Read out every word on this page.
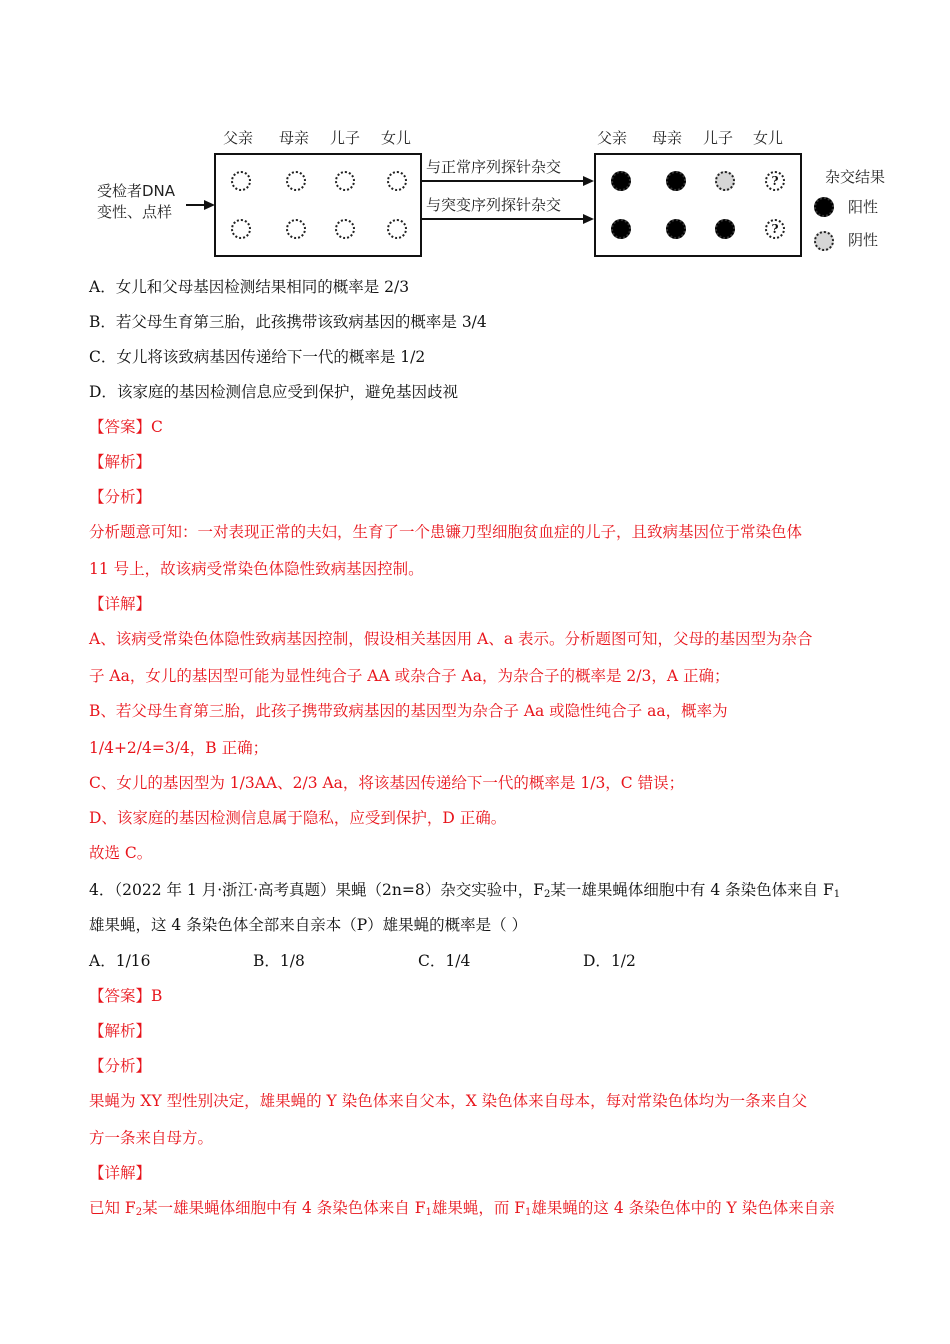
受检者DNA
变性、点样
父亲 母亲 儿子 女儿
与正常序列探针杂交
与突变序列探针杂交
父亲 母亲 儿子 女儿
?
?
杂交结果
阳性
阴性
A．女儿和父母基因检测结果相同的概率是 2/3
B．若父母生育第三胎，此孩携带该致病基因的概率是 3/4
C．女儿将该致病基因传递给下一代的概率是 1/2
D．该家庭的基因检测信息应受到保护，避免基因歧视
【答案】C
【解析】
【分析】
分析题意可知：一对表现正常的夫妇，生育了一个患镰刀型细胞贫血症的儿子，且致病基因位于常染色体
11 号上，故该病受常染色体隐性致病基因控制。
【详解】
A、该病受常染色体隐性致病基因控制，假设相关基因用 A、a 表示。分析题图可知，父母的基因型为杂合
子 Aa，女儿的基因型可能为显性纯合子 AA 或杂合子 Aa，为杂合子的概率是 2/3，A 正确；
B、若父母生育第三胎，此孩子携带致病基因的基因型为杂合子 Aa 或隐性纯合子 aa，概率为
1/4+2/4=3/4，B 正确；
C、女儿的基因型为 1/3AA、2/3 Aa，将该基因传递给下一代的概率是 1/3，C 错误；
D、该家庭的基因检测信息属于隐私，应受到保护，D 正确。
故选 C。
4．（2022 年 1 月·浙江·高考真题）果蝇（2n=8）杂交实验中，$F_2$某一雄果蝇体细胞中有 4 条染色体来自 $F_1$
雄果蝇，这 4 条染色体全部来自亲本（P）雄果蝇的概率是（ ）
A．1/16	B．1/8	C．1/4	D．1/2
【答案】B
【解析】
【分析】
果蝇为 XY 型性别决定，雄果蝇的 Y 染色体来自父本，X 染色体来自母本，每对常染色体均为一条来自父
方一条来自母方。
【详解】
已知 $F_2$某一雄果蝇体细胞中有 4 条染色体来自 $F_1$雄果蝇，而 $F_1$雄果蝇的这 4 条染色体中的 Y 染色体来自亲
